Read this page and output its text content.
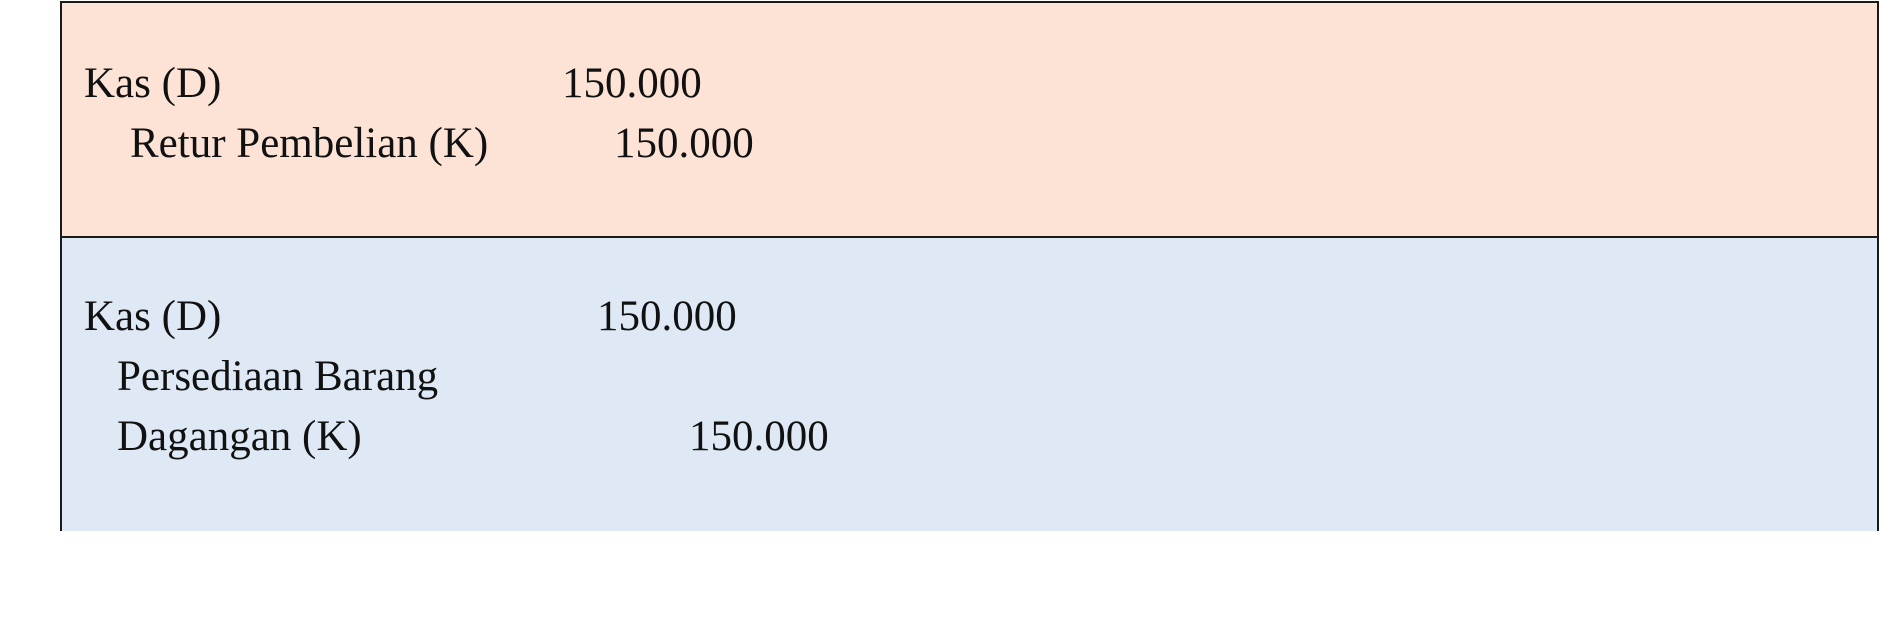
Kas (D)	150.000
Retur Pembelian (K)	150.000
Kas (D)	150.000
Persediaan Barang
Dagangan (K)	150.000
